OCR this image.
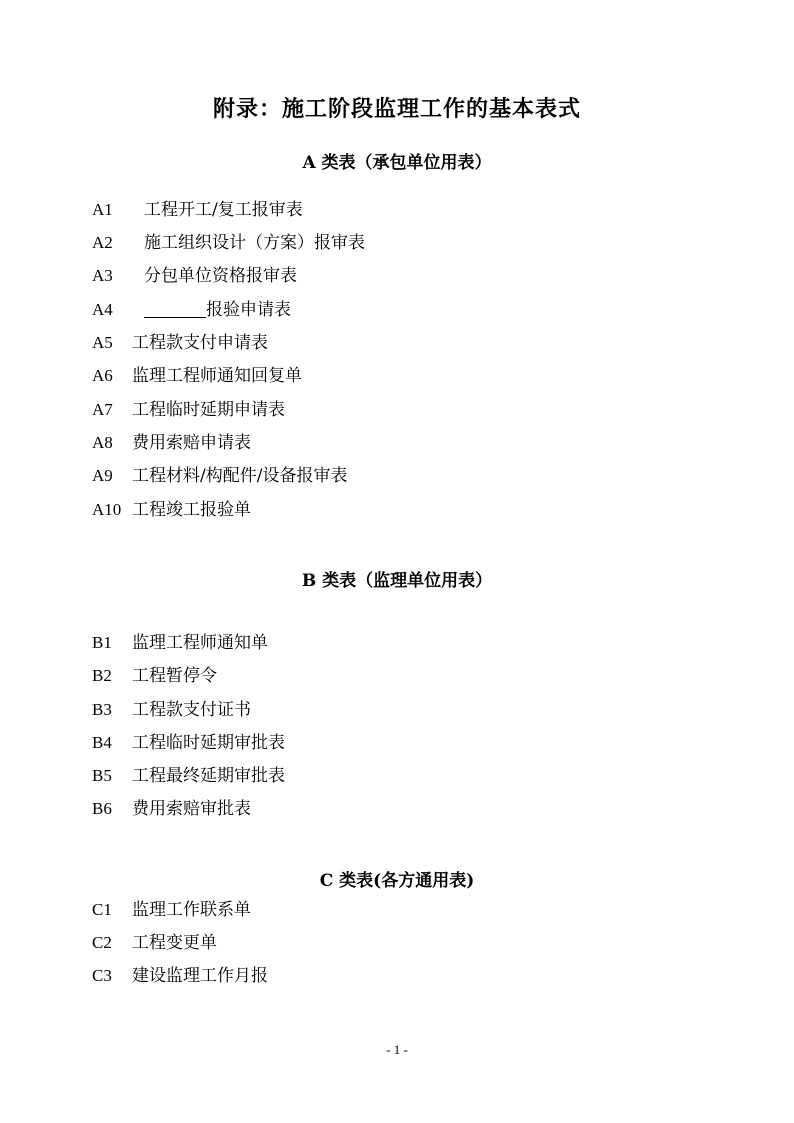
附录：施工阶段监理工作的基本表式
A 类表（承包单位用表）
A1 工程开工/复工报审表
A2 施工组织设计（方案）报审表
A3 分包单位资格报审表
A4	报验申请表
A5 工程款支付申请表
A6 监理工程师通知回复单
A7 工程临时延期申请表
A8 费用索赔申请表
A9 工程材料/构配件/设备报审表
A10 工程竣工报验单
B 类表（监理单位用表）
B1 监理工程师通知单
B2 工程暂停令
B3 工程款支付证书
B4 工程临时延期审批表
B5 工程最终延期审批表
B6 费用索赔审批表
C 类表(各方通用表)
C1 监理工作联系单
C2 工程变更单
C3 建设监理工作月报
- 1 -
